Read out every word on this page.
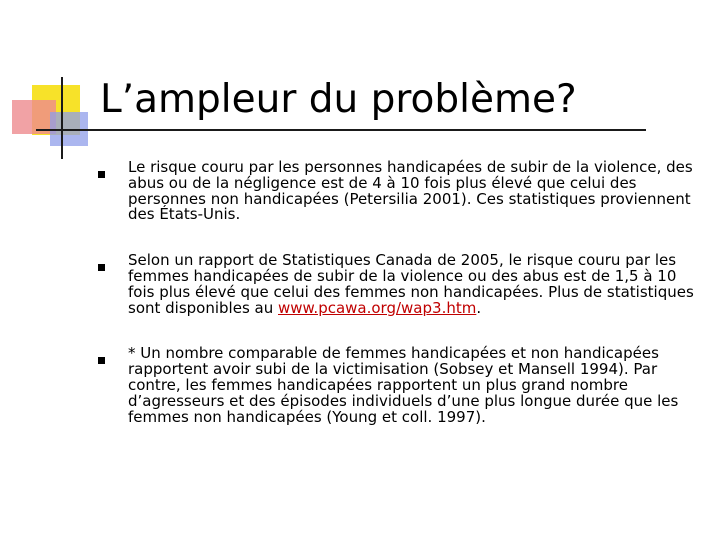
L’ampleur du problème?
Le risque couru par les personnes handicapées de subir de la violence, des abus ou de la négligence est de 4 à 10 fois plus élevé que celui des personnes non handicapées (Petersilia 2001). Ces statistiques proviennent des États-Unis.
Selon un rapport de Statistiques Canada de 2005, le risque couru par les femmes handicapées de subir de la violence ou des abus est de 1,5 à 10 fois plus élevé que celui des femmes non handicapées. Plus de statistiques sont disponibles au www.pcawa.org/wap3.htm.
* Un nombre comparable de femmes handicapées et non handicapées rapportent avoir subi de la victimisation (Sobsey et Mansell 1994). Par contre, les femmes handicapées rapportent un plus grand nombre d’agresseurs et des épisodes individuels d’une plus longue durée que les femmes non handicapées (Young et coll. 1997).
